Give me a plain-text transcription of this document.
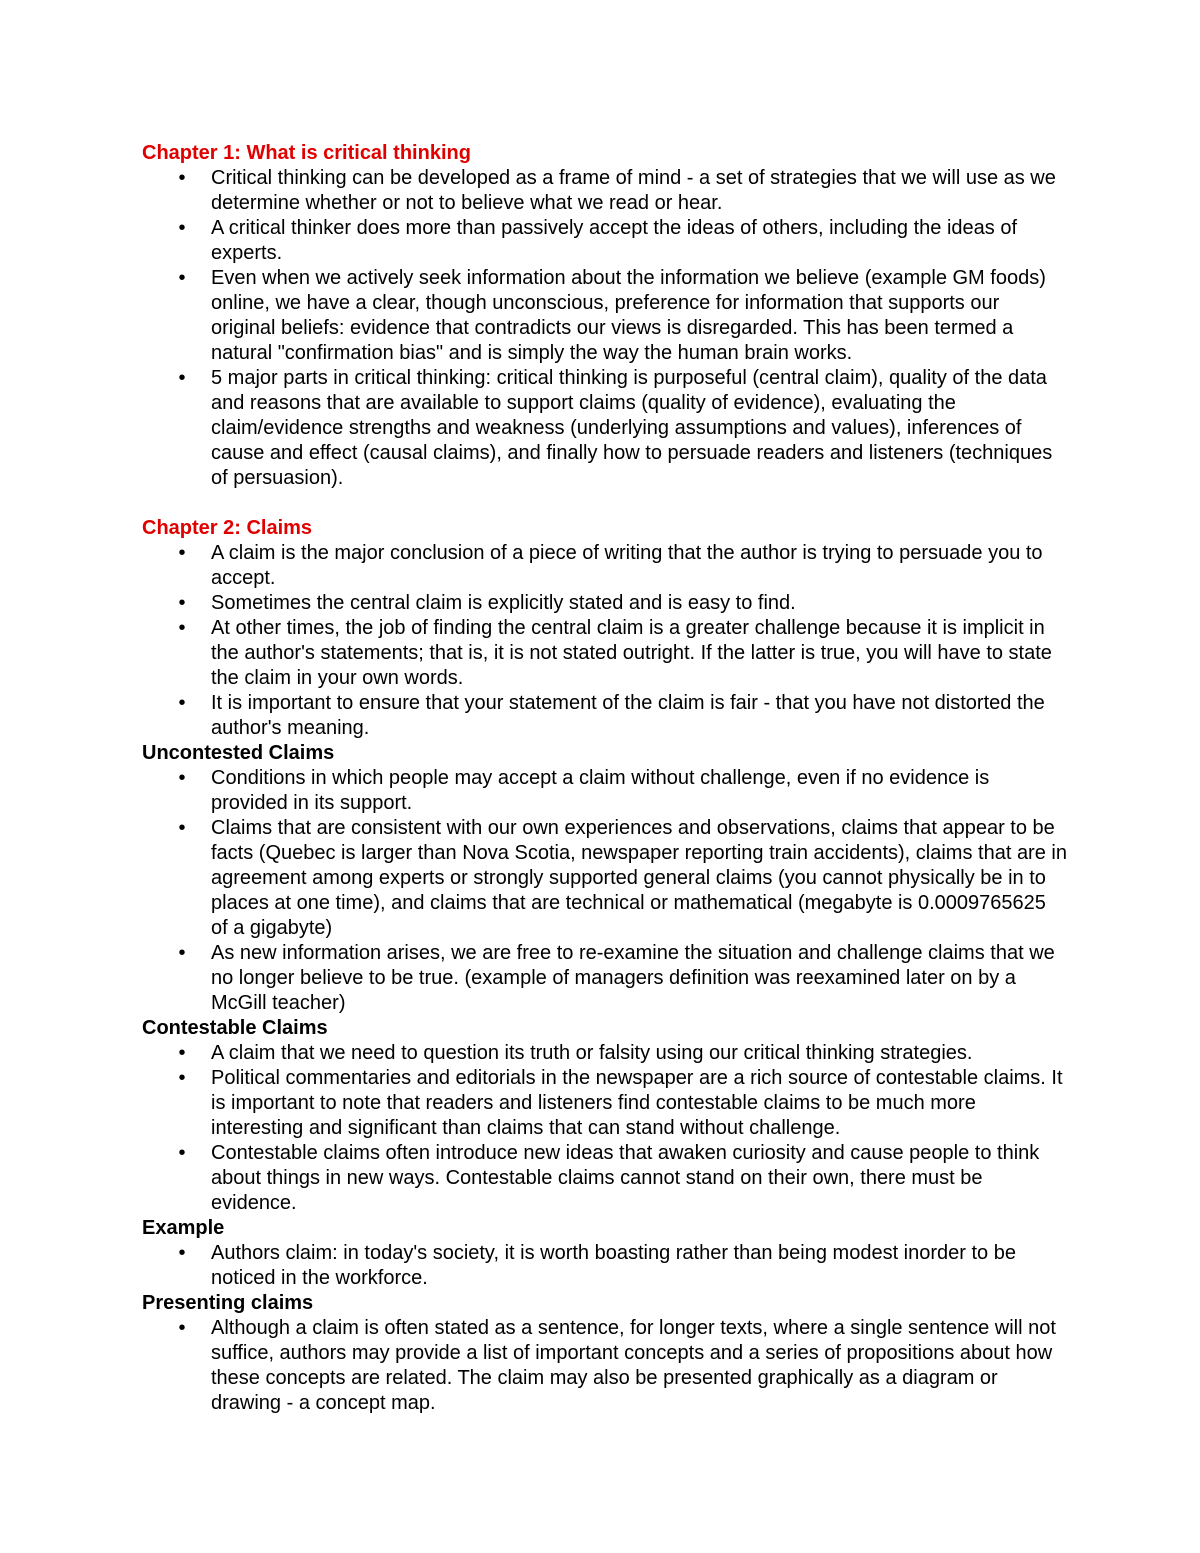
Chapter 1: What is critical thinking
•	Critical thinking can be developed as a frame of mind - a set of strategies that we will use as we determine whether or not to believe what we read or hear.
•	A critical thinker does more than passively accept the ideas of others, including the ideas of experts.
•	Even when we actively seek information about the information we believe (example GM foods) online, we have a clear, though unconscious, preference for information that supports our original beliefs: evidence that contradicts our views is disregarded. This has been termed a natural "confirmation bias" and is simply the way the human brain works.
•	5 major parts in critical thinking: critical thinking is purposeful (central claim), quality of the data and reasons that are available to support claims (quality of evidence), evaluating the claim/evidence strengths and weakness (underlying assumptions and values), inferences of cause and effect (causal claims), and finally how to persuade readers and listeners (techniques of persuasion).
Chapter 2: Claims
•	A claim is the major conclusion of a piece of writing that the author is trying to persuade you to accept.
•	Sometimes the central claim is explicitly stated and is easy to find.
•	At other times, the job of finding the central claim is a greater challenge because it is implicit in the author's statements; that is, it is not stated outright. If the latter is true, you will have to state the claim in your own words.
•	It is important to ensure that your statement of the claim is fair - that you have not distorted the author's meaning.
Uncontested Claims
•	Conditions in which people may accept a claim without challenge, even if no evidence is provided in its support.
•	Claims that are consistent with our own experiences and observations, claims that appear to be facts (Quebec is larger than Nova Scotia, newspaper reporting train accidents), claims that are in agreement among experts or strongly supported general claims (you cannot physically be in to places at one time), and claims that are technical or mathematical (megabyte is 0.0009765625 of a gigabyte)
•	As new information arises, we are free to re-examine the situation and challenge claims that we no longer believe to be true. (example of managers definition was reexamined later on by a McGill teacher)
Contestable Claims
•	A claim that we need to question its truth or falsity using our critical thinking strategies.
•	Political commentaries and editorials in the newspaper are a rich source of contestable claims. It is important to note that readers and listeners find contestable claims to be much more interesting and significant than claims that can stand without challenge.
•	Contestable claims often introduce new ideas that awaken curiosity and cause people to think about things in new ways. Contestable claims cannot stand on their own, there must be evidence.
Example
•	Authors claim: in today's society, it is worth boasting rather than being modest inorder to be noticed in the workforce.
Presenting claims
•	Although a claim is often stated as a sentence, for longer texts, where a single sentence will not suffice, authors may provide a list of important concepts and a series of propositions about how these concepts are related. The claim may also be presented graphically as a diagram or drawing - a concept map.
